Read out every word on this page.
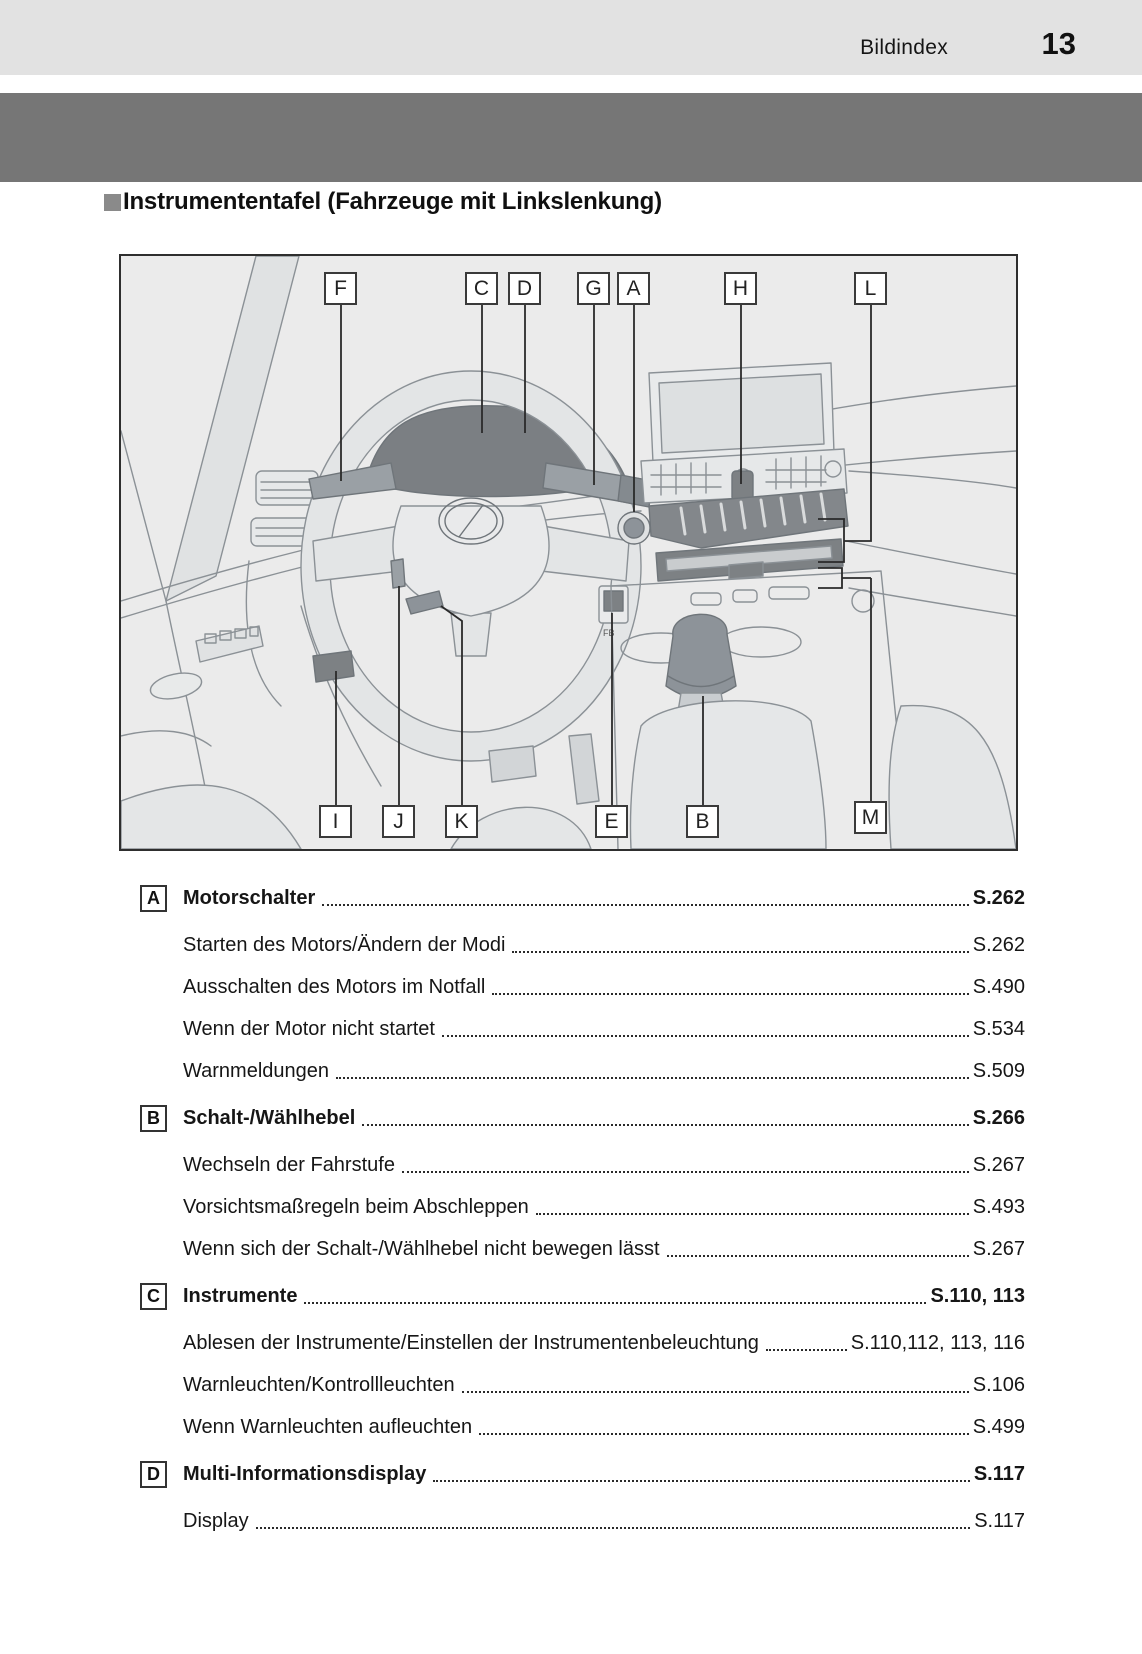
Bildindex	13
Instrumententafel (Fahrzeuge mit Linkslenkung)
FB
F	C	D	G	A	H	L
I	J	K	E	B	M
A	Motorschalter	S.262
Starten des Motors/Ändern der Modi	S.262
Ausschalten des Motors im Notfall	S.490
Wenn der Motor nicht startet	S.534
Warnmeldungen	S.509
B	Schalt-/Wählhebel	S.266
Wechseln der Fahrstufe	S.267
Vorsichtsmaßregeln beim Abschleppen	S.493
Wenn sich der Schalt-/Wählhebel nicht bewegen lässt	S.267
C	Instrumente	S.110, 113
Ablesen der Instrumente/Einstellen der Instrumentenbeleuchtung	S.110,112, 113, 116
Warnleuchten/Kontrollleuchten	S.106
Wenn Warnleuchten aufleuchten	S.499
D	Multi-Informationsdisplay	S.117
Display	S.117
